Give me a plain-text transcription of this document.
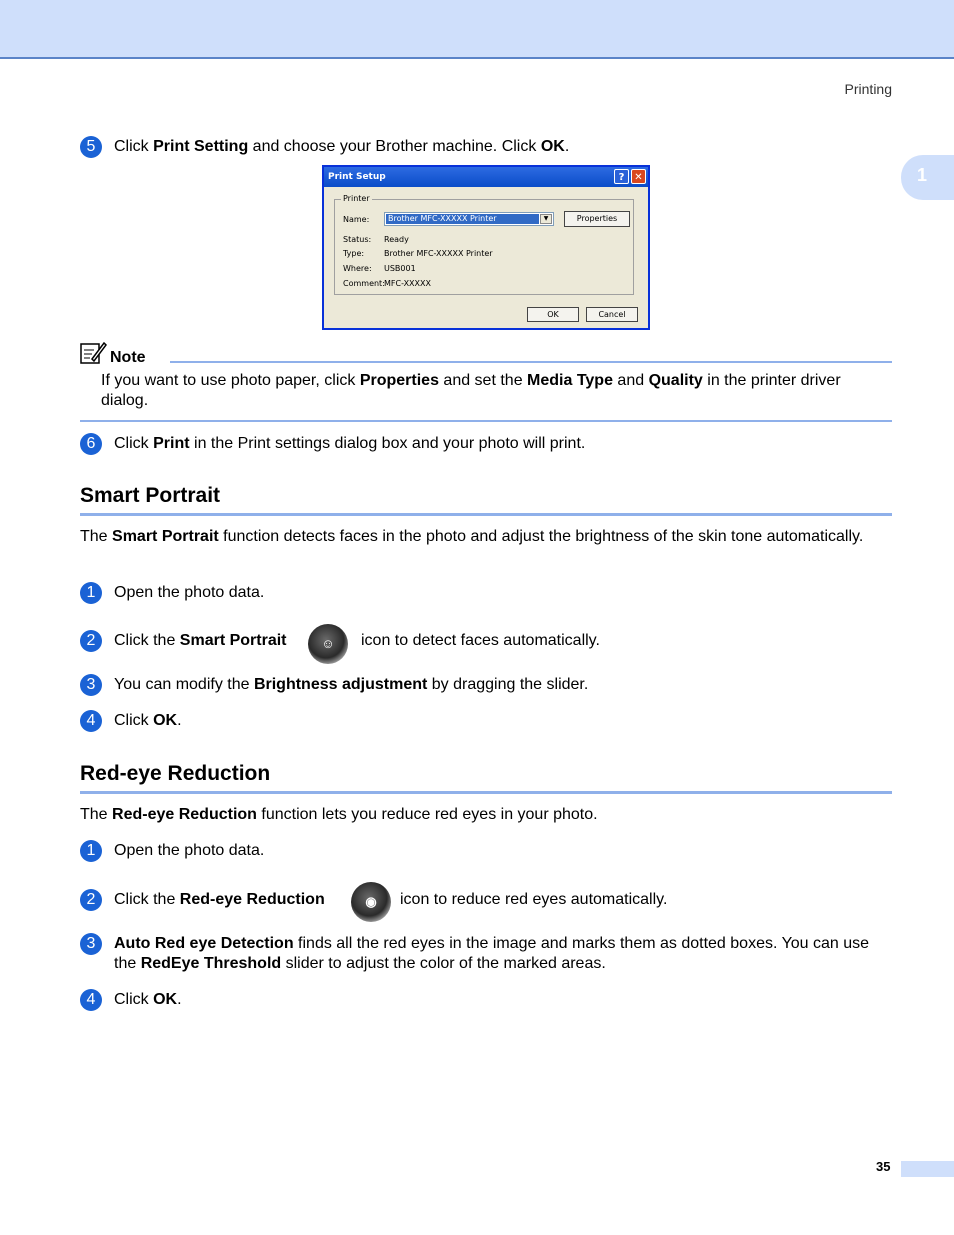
Printing
1
5	Click Print Setting and choose your Brother machine. Click OK.
Print Setup	? ✕
Printer
Name: Brother MFC-XXXXX Printer	▼	Properties
Status: Ready
Type: Brother MFC-XXXXX Printer
Where: USB001
Comment: MFC-XXXXX
OK	Cancel
Note
If you want to use photo paper, click Properties and set the Media Type and Quality in the printer driver dialog.
6	Click Print in the Print settings dialog box and your photo will print.
Smart Portrait
The Smart Portrait function detects faces in the photo and adjust the brightness of the skin tone automatically.
1	Open the photo data.
2	Click the Smart Portrait	☺	icon to detect faces automatically.
3	You can modify the Brightness adjustment by dragging the slider.
4	Click OK.
Red-eye Reduction
The Red-eye Reduction function lets you reduce red eyes in your photo.
1	Open the photo data.
2	Click the Red-eye Reduction	◉	icon to reduce red eyes automatically.
3	Auto Red eye Detection finds all the red eyes in the image and marks them as dotted boxes. You can use the RedEye Threshold slider to adjust the color of the marked areas.
4	Click OK.
35
